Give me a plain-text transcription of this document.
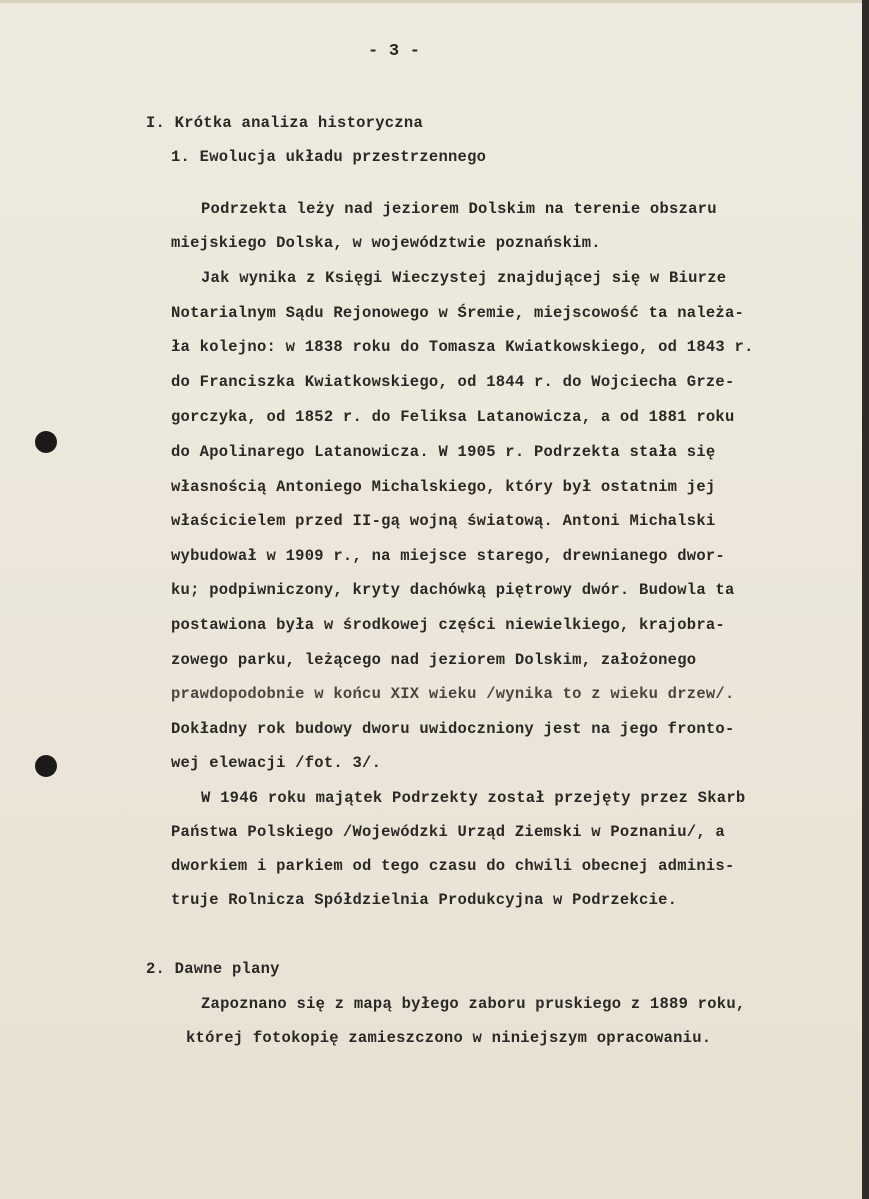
- 3 -
I. Krótka analiza historyczna
1. Ewolucja układu przestrzennego
Podrzekta leży nad jeziorem Dolskim na terenie obszaru
miejskiego Dolska, w województwie poznańskim.
Jak wynika z Księgi Wieczystej znajdującej się w Biurze
Notarialnym Sądu Rejonowego w Śremie, miejscowość ta należa-
ła kolejno: w 1838 roku do Tomasza Kwiatkowskiego, od 1843 r.
do Franciszka Kwiatkowskiego, od 1844 r. do Wojciecha Grze-
gorczyka, od 1852 r. do Feliksa Latanowicza, a od 1881 roku
do Apolinarego Latanowicza. W 1905 r. Podrzekta stała się
własnością Antoniego Michalskiego, który był ostatnim jej
właścicielem przed II-gą wojną światową. Antoni Michalski
wybudował w 1909 r., na miejsce starego, drewnianego dwor-
ku; podpiwniczony, kryty dachówką piętrowy dwór. Budowla ta
postawiona była w środkowej części niewielkiego, krajobra-
zowego parku, leżącego nad jeziorem Dolskim, założonego
prawdopodobnie w końcu XIX wieku /wynika to z wieku drzew/.
Dokładny rok budowy dworu uwidoczniony jest na jego fronto-
wej elewacji /fot. 3/.
W 1946 roku majątek Podrzekty został przejęty przez Skarb
Państwa Polskiego /Wojewódzki Urząd Ziemski w Poznaniu/, a
dworkiem i parkiem od tego czasu do chwili obecnej adminis-
truje Rolnicza Spółdzielnia Produkcyjna w Podrzekcie.
2. Dawne plany
Zapoznano się z mapą byłego zaboru pruskiego z 1889 roku,
której fotokopię zamieszczono w niniejszym opracowaniu.
